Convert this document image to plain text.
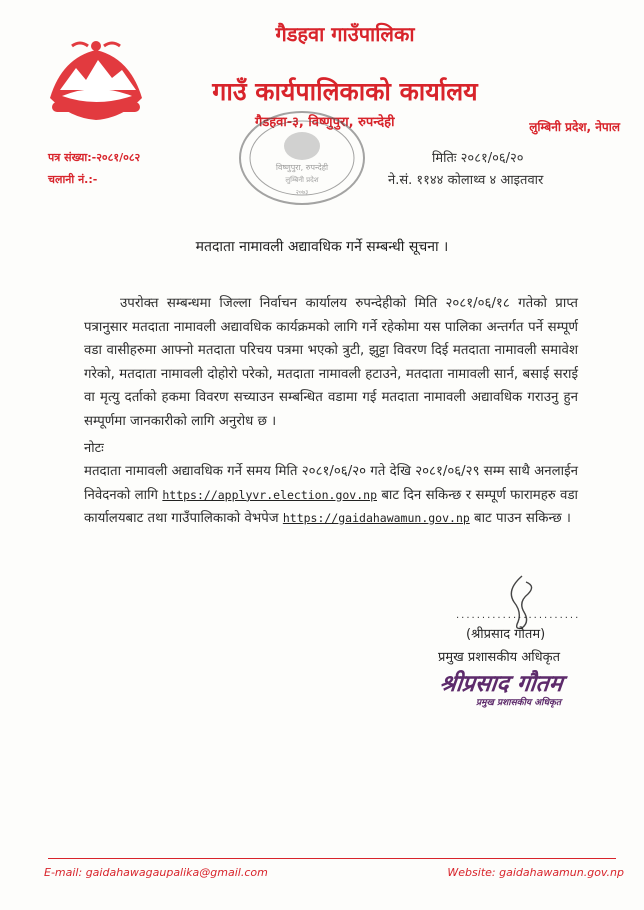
गैडहवा गाउँपालिका
गाउँ कार्यपालिकाको कार्यालय
गैडहवा-३, विष्णुपुरा, रुपन्देही	लुम्बिनी प्रदेश, नेपाल
विष्णुपुरा, रुपन्देही
लुम्बिनी प्रदेश
२०७३
पत्र संख्या:-२०८१/०८२
चलानी नं.:-
मितिः २०८१/०६/२०
ने.सं. ११४४ कोलाथ्व ४ आइतवार
मतदाता नामावली अद्यावधिक गर्ने सम्बन्धी सूचना ।
उपरोक्त सम्बन्धमा जिल्ला निर्वाचन कार्यालय रुपन्देहीको मिति २०८१/०६/१८ गतेको प्राप्त पत्रानुसार मतदाता नामावली अद्यावधिक कार्यक्रमको लागि गर्ने रहेकोमा यस पालिका अन्तर्गत पर्ने सम्पूर्ण वडा वासीहरुमा आफ्नो मतदाता परिचय पत्रमा भएको त्रुटी, झुट्टा विवरण दिई मतदाता नामावली समावेश गरेको, मतदाता नामावली दोहोरो परेको, मतदाता नामावली हटाउने, मतदाता नामावली सार्न, बसाई सराई वा मृत्यु दर्ताको हकमा विवरण सच्याउन सम्बन्धित वडामा गई मतदाता नामावली अद्यावधिक गराउनु हुन सम्पूर्णमा जानकारीको लागि अनुरोध छ ।
नोटः
मतदाता नामावली अद्यावधिक गर्ने समय मिति २०८१/०६/२० गते देखि २०८१/०६/२९ सम्म साथै अनलाईन निवेदनको लागि https://applyvr.election.gov.np बाट दिन सकिन्छ र सम्पूर्ण फारामहरु वडा कार्यालयबाट तथा गाउँपालिकाको वेभपेज https://gaidahawamun.gov.np बाट पाउन सकिन्छ ।
........................
(श्रीप्रसाद गौतम)
प्रमुख प्रशासकीय अधिकृत
श्रीप्रसाद गौतम
प्रमुख प्रशासकीय अधिकृत
E-mail: gaidahawagaupalika@gmail.com	Website: gaidahawamun.gov.np
